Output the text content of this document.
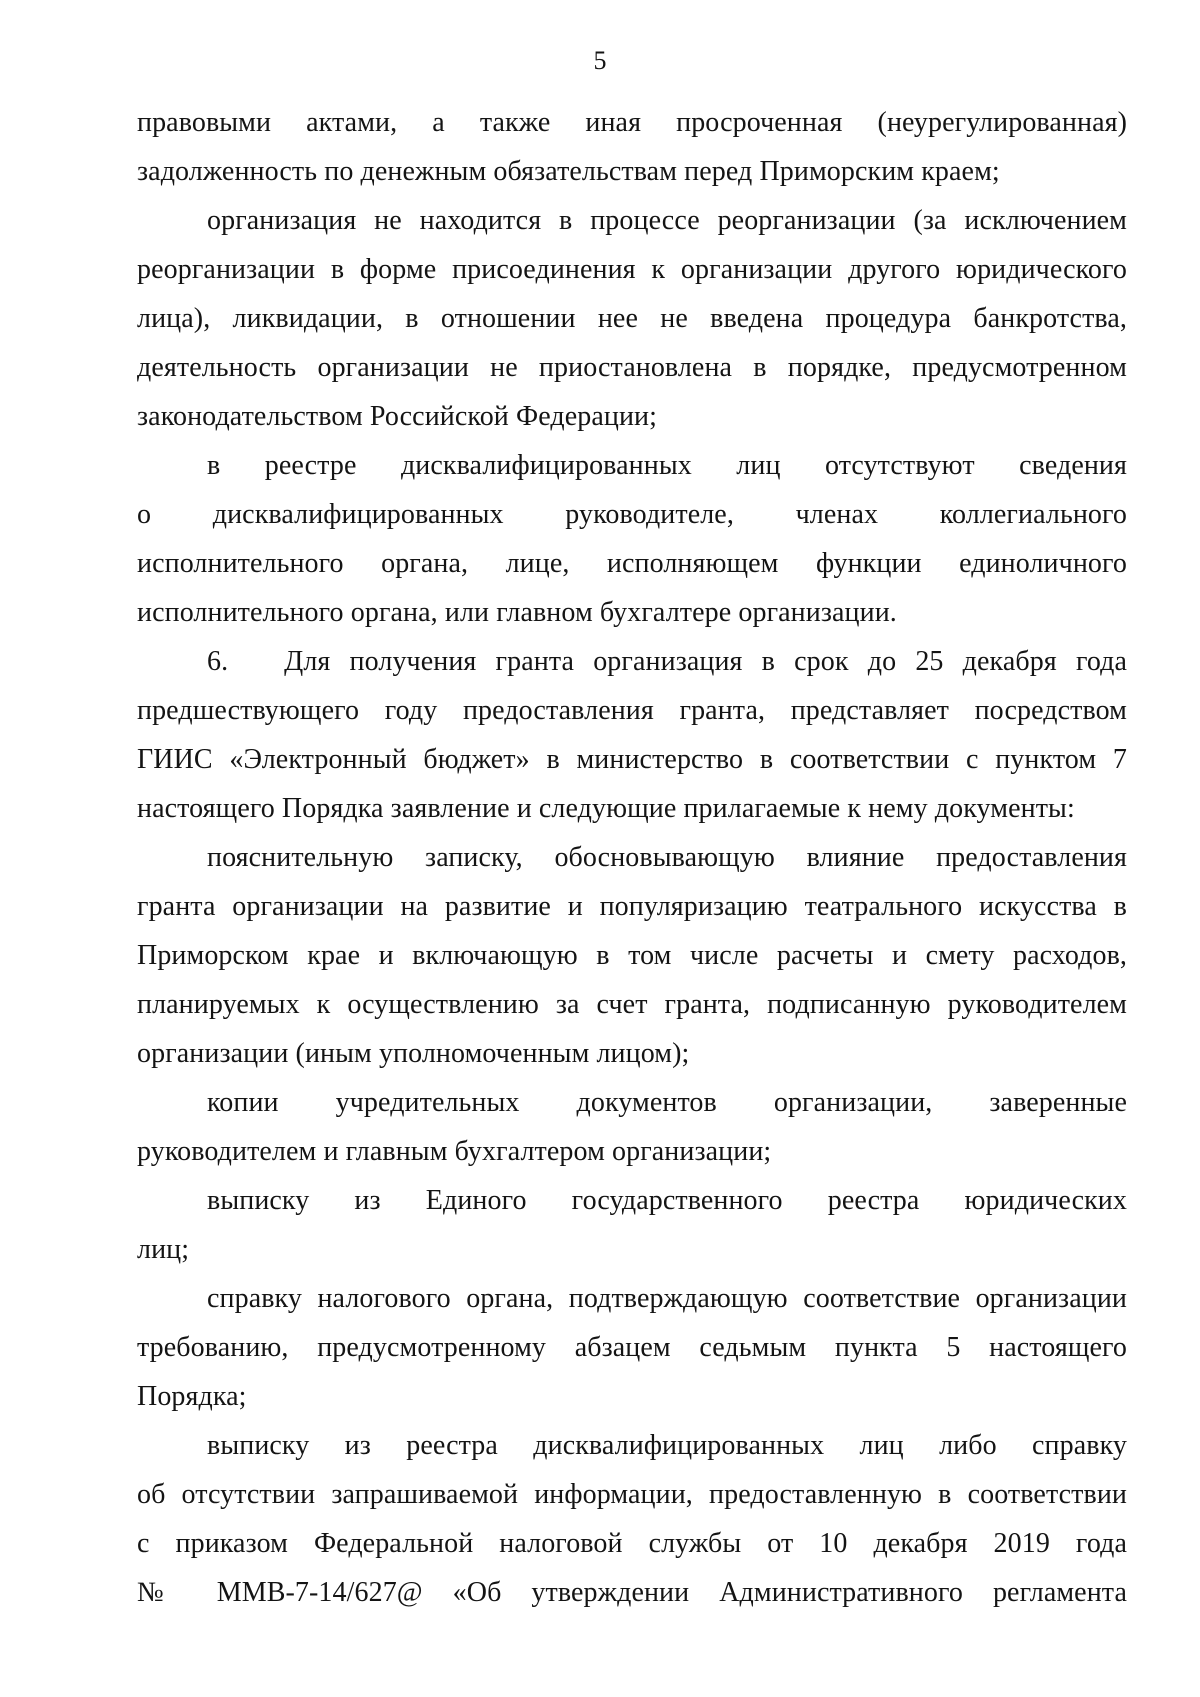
5
правовыми актами, а также иная просроченная (неурегулированная)
задолженность по денежным обязательствам перед Приморским краем;
организация не находится в процессе реорганизации (за исключением
реорганизации в форме присоединения к организации другого юридического
лица), ликвидации, в отношении нее не введена процедура банкротства,
деятельность организации не приостановлена в порядке, предусмотренном
законодательством Российской Федерации;
в реестре дисквалифицированных лиц отсутствуют сведения
о дисквалифицированных руководителе, членах коллегиального
исполнительного органа, лице, исполняющем функции единоличного
исполнительного органа, или главном бухгалтере организации.
6. Для получения гранта организация в срок до 25 декабря года
предшествующего году предоставления гранта, представляет посредством
ГИИС «Электронный бюджет» в министерство в соответствии с пунктом 7
настоящего Порядка заявление и следующие прилагаемые к нему документы:
пояснительную записку, обосновывающую влияние предоставления
гранта организации на развитие и популяризацию театрального искусства в
Приморском крае и включающую в том числе расчеты и смету расходов,
планируемых к осуществлению за счет гранта, подписанную руководителем
организации (иным уполномоченным лицом);
копии учредительных документов организации, заверенные
руководителем и главным бухгалтером организации;
выписку из Единого государственного реестра юридических
лиц;
справку налогового органа, подтверждающую соответствие организации
требованию, предусмотренному абзацем седьмым пункта 5 настоящего
Порядка;
выписку из реестра дисквалифицированных лиц либо справку
об отсутствии запрашиваемой информации, предоставленную в соответствии
с приказом Федеральной налоговой службы от 10 декабря 2019 года
№ ММВ-7-14/627@ «Об утверждении Административного регламента
